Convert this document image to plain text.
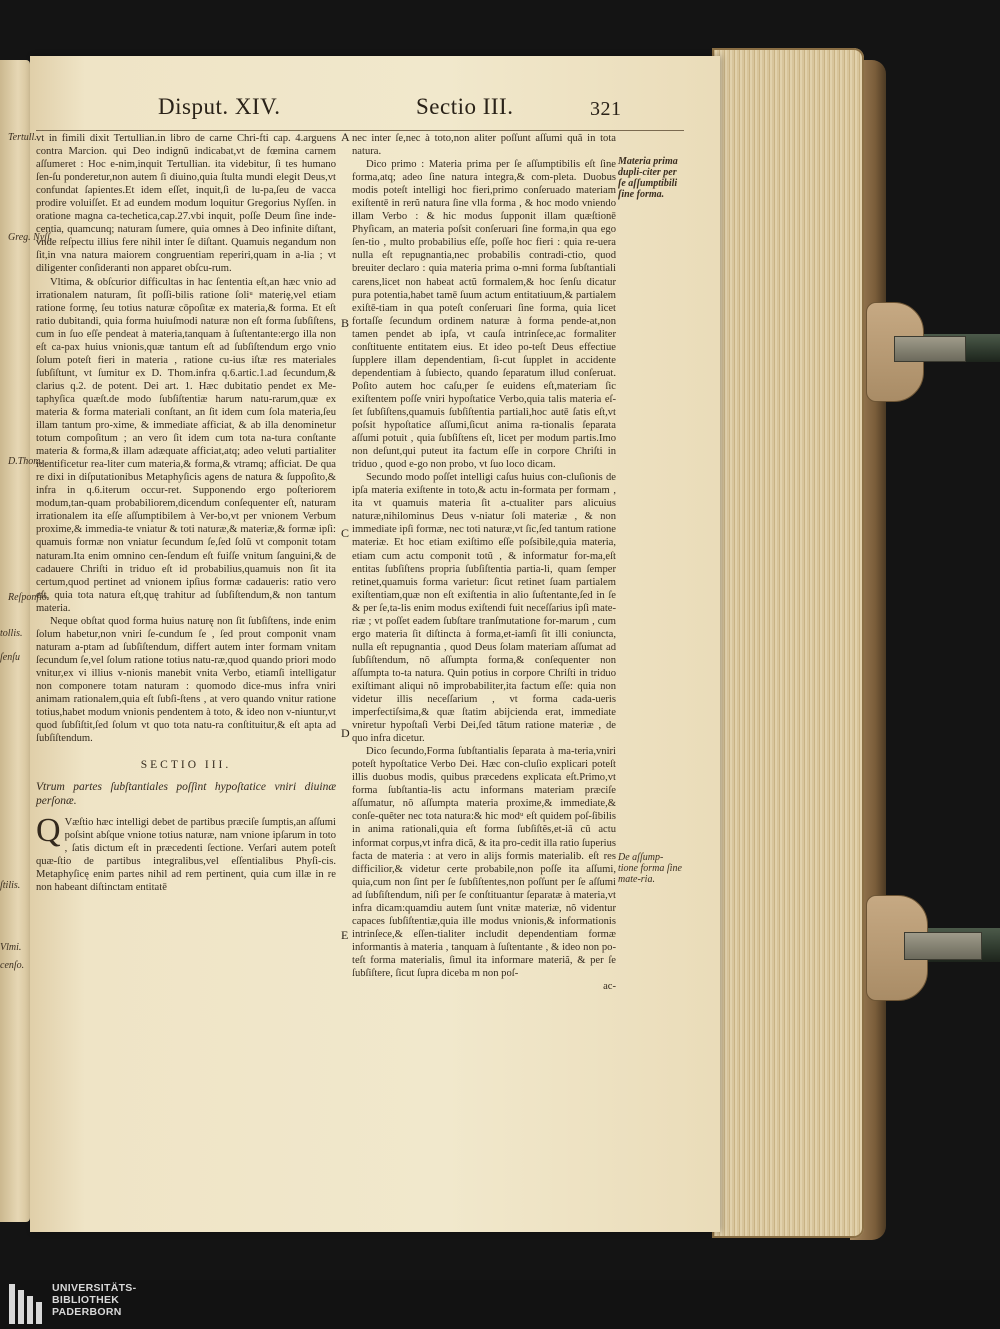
tollis.
ſenſu
ſtilis.
Vlmi.
cenſo.
Disput. XIV.	Sectio III.	321
Tertull.
Greg. Nyſſ.
D.Thom.
Reſponſio.

vt in fimili dixit Tertullian.in libro de carne Chri-fti cap. 4.arguens contra Marcion. qui Deo indignũ indicabat,vt de fœmina carnem aſſumeret : Hoc e-nim,inquit Tertullian. ita videbitur, ſi tes humano ſen-ſu ponderetur,non autem ſi diuino,quia ſtulta mundi elegit Deus,vt confundat ſapientes.Et idem eſſet, inquit,ſi de lu-pa,ſeu de vacca prodire voluiſſet. Et ad eundem modum loquitur Gregorius Nyſſen. in oratione magna ca-techetica,cap.27.vbi inquit, poſſe Deum ſine inde-centia, quamcunq; naturam ſumere, quia omnes à Deo infinite diſtant, vnde reſpectu illius fere nihil inter ſe diſtant. Quamuis negandum non ſit,in vna natura maiorem congruentiam reperiri,quam in a-lia ; vt diligenter conſideranti non apparet obſcu-rum.

Vltima, & obſcurior difficultas in hac ſententia eſt,an hæc vnio ad irrationalem naturam, ſit poſſi-bilis ratione ſoliᵘ materię,vel etiam ratione formę, ſeu totius naturæ cōpoſitæ ex materia,& forma. Et eſt ratio dubitandi, quia forma huiuſmodi naturæ non eſt forma ſubſiſtens, cum in ſuo eſſe pendeat à materia,tanquam à ſuſtentante:ergo illa non eſt ca-pax huius vnionis,quæ tantum eſt ad ſubſiſtendum ergo vnio ſolum poteſt fieri in materia , ratione cu-ius iſtæ res materiales ſubſiſtunt, vt ſumitur ex D. Thom.infra q.6.artic.1.ad ſecundum,& clarius q.2. de potent. Dei art. 1. Hæc dubitatio pendet ex Me-taphyſica quæſt.de modo ſubſiſtentiæ harum natu-rarum,quæ ex materia & forma materiali conſtant, an ſit idem cum ſola materia,ſeu illam tantum pro-xime, & immediate afficiat, & ab illa denominetur totum compoſitum ; an vero ſit idem cum tota na-tura conſtante materia & forma,& illam adæquate afficiat,atq; adeo veluti partialiter identificetur rea-liter cum materia,& forma,& vtramq; afficiat. De qua re dixi in diſputationibus Metaphyſicis agens de natura & ſuppoſito,& infra in q.6.iterum occur-ret. Supponendo ergo poſteriorem modum,tan-quam probabiliorem,dicendum conſequenter eſt, naturam irrationalem ita eſſe aſſumptibilem à Ver-bo,vt per vnionem Verbum proxime,& immedia-te vniatur & toti naturæ,& materiæ,& formæ ipſi: quamuis formæ non vniatur ſecundum ſe,ſed ſolũ vt componit totam naturam.Ita enim omnino cen-ſendum eſt fuiſſe vnitum ſanguini,& de cadauere Chriſti in triduo eſt id probabilius,quamuis non ſit ita certum,quod pertinet ad vnionem ipſius formæ cadaueris: ratio vero eſt, quia tota natura eſt,quę trahitur ad ſubſiſtendum,& non tantum materia.

Neque obſtat quod forma huius naturę non ſit ſubſiſtens, inde enim ſolum habetur,non vniri ſe-cundum ſe , ſed prout componit vnam naturam a-ptam ad ſubſiſtendum, differt autem inter formam vnitam ſecundum ſe,vel ſolum ratione totius natu-ræ,quod quando priori modo vnitur,ex vi illius v-nionis manebit vnita Verbo, etiamſi intelligatur non componere totam naturam : quomodo dice-mus infra vniri animam rationalem,quia eſt ſubſi-ſtens , at vero quando vnitur ratione totius,habet modum vnionis pendentem à toto, & ideo non v-niuntur,vt quod ſubſiſtit,ſed ſolum vt quo tota natu-ra conſtituitur,& eſt apta ad ſubſiſtendum.

SECTIO III.
Vtrum partes ſubſtantiales poſſint hypoſtatice vniri diuinæ perſonæ.

Q Væſtio hæc intelligi debet de partibus præciſe ſumptis,an aſſumi poſsint abſque vnione totius naturæ, nam vnione ipſarum in toto , ſatis dictum eſt in præcedenti ſectione. Verſari autem poteſt quæ-ſtio de partibus integralibus,vel eſſentialibus Phyſi-cis. Metaphyſicę enim partes nihil ad rem pertinent, quia cum illæ in re non habeant diſtinctam entitatē

A
B
C
D
E

nec inter ſe,nec à toto,non aliter poſſunt aſſumi quã in tota natura.

Dico primo : Materia prima per ſe aſſumptibilis eſt ſine forma,atq; adeo ſine natura integra,& com-pleta. Duobus modis poteſt intelligi hoc fieri,primo conſeruado materiam exiſtentē in rerũ natura ſine vlla forma , & hoc modo vniendo illam Verbo : & hic modus ſupponit illam quæſtionē Phyſicam, an materia poſsit conſeruari ſine forma,in qua ego ſen-tio , multo probabilius eſſe, poſſe hoc fieri : quia re-uera nulla eſt repugnantia,nec probabilis contradi-ctio, quod breuiter declaro : quia materia prima o-mni forma ſubſtantiali carens,licet non habeat actũ formalem,& hoc ſenſu dicatur pura potentia,habet tamē ſuum actum entitatiuum,& partialem exiſtē-tiam in qua poteſt conſeruari ſine forma, quia licet fortaſſe ſecundum ordinem naturæ à forma pende-at,non tamen pendet ab ipſa, vt cauſa intrinſece,ac formaliter conſtituente entitatem eius. Et ideo po-teſt Deus effectiue ſupplere illam dependentiam, ſi-cut ſupplet in accidente dependentiam à ſubiecto, quando ſeparatum illud conſeruat. Poſito autem hoc caſu,per ſe euidens eſt,materiam ſic exiſtentem poſſe vniri hypoſtatice Verbo,quia talis materia eſ-ſet ſubſiſtens,quamuis ſubſiſtentia partiali,hoc autē ſatis eſt,vt poſsit hypoſtatice aſſumi,ſicut anima ra-tionalis ſeparata aſſumi potuit , quia ſubſiſtens eſt, licet per modum partis.Imo non deſunt,qui puteut ita factum eſſe in corpore Chriſti in triduo , quod e-go non probo, vt ſuo loco dicam.

Secundo modo poſſet intelligi caſus huius con-cluſionis de ipſa materia exiſtente in toto,& actu in-formata per formam , ita vt quamuis materia ſit a-ctualiter pars alicuius naturæ,nihilominus Deus v-niatur ſoli materiæ , & non immediate ipſi formæ, nec toti naturæ,vt ſic,ſed tantum ratione materiæ. Et hoc etiam exiſtimo eſſe poſsibile,quia materia, etiam cum actu componit totũ , & informatur for-ma,eſt entitas ſubſiſtens propria ſubſiſtentia partia-li, quam ſemper retinet,quamuis forma varietur: ſicut retinet ſuam partialem exiſtentiam,quæ non eſt exiſtentia in alio ſuſtentante,ſed in ſe & per ſe,ta-lis enim modus exiſtendi fuit neceſſarius ipſi mate-riæ ; vt poſſet eadem ſubſtare tranſmutatione for-marum , cum ergo materia ſit diſtincta à forma,et-iamſi ſit illi coniuncta, nulla eſt repugnantia , quod Deus ſolam materiam aſſumat ad ſubſiſtendum, nõ aſſumpta forma,& conſequenter non aſſumpta to-ta natura. Quin potius in corpore Chriſti in triduo exiſtimant aliqui nõ improbabiliter,ita factum eſſe: quia non videtur illis neceſſarium , vt forma cada-ueris imperfectiſsima,& quæ ſtatim abijcienda erat, immediate vniretur hypoſtaſi Verbi Dei,ſed tãtum ratione materiæ , de quo infra dicetur.

Dico ſecundo,Forma ſubſtantialis ſeparata à ma-teria,vniri poteſt hypoſtatice Verbo Dei. Hæc con-cluſio explicari poteſt illis duobus modis, quibus præcedens explicata eſt.Primo,vt forma ſubſtantia-lis actu informans materiam præciſe aſſumatur, nõ aſſumpta materia proxime,& immediate,& conſe-quẽter nec tota natura:& hic modᵘ eſt quidem poſ-ſibilis in anima rationali,quia eſt forma ſubſiſtẽs,et-iã cũ actu informat corpus,vt infra dicã, & ita pro-cedit illa ratio ſuperius facta de materia : at vero in alijs formis materialib. eſt res difficilior,& videtur certe probabile,non poſſe ita aſſumi, quia,cum non ſint per ſe ſubſiſtentes,non poſſunt per ſe aſſumi ad ſubſiſtendum, niſi per ſe conſtituantur ſeparatæ à materia,vt infra dicam:quamdiu autem ſunt vnitæ materiæ, nõ videntur capaces ſubſiſtentiæ,quia ille modus vnionis,& informationis intrinſece,& eſſen-tialiter includit dependentiam formæ informantis à materia , tanquam à ſuſtentante , & ideo non po-teſt forma materialis, ſimul ita informare materiã, & per ſe ſubſiſtere, ſicut ſupra diceba m non poſ-

ac-

Materia prima dupli-citer per ſe aſſumptibili ſine forma.
De aſſump-tione forma ſine mate-ria.
UNIVERSITÄTS-
BIBLIOTHEK
PADERBORN
